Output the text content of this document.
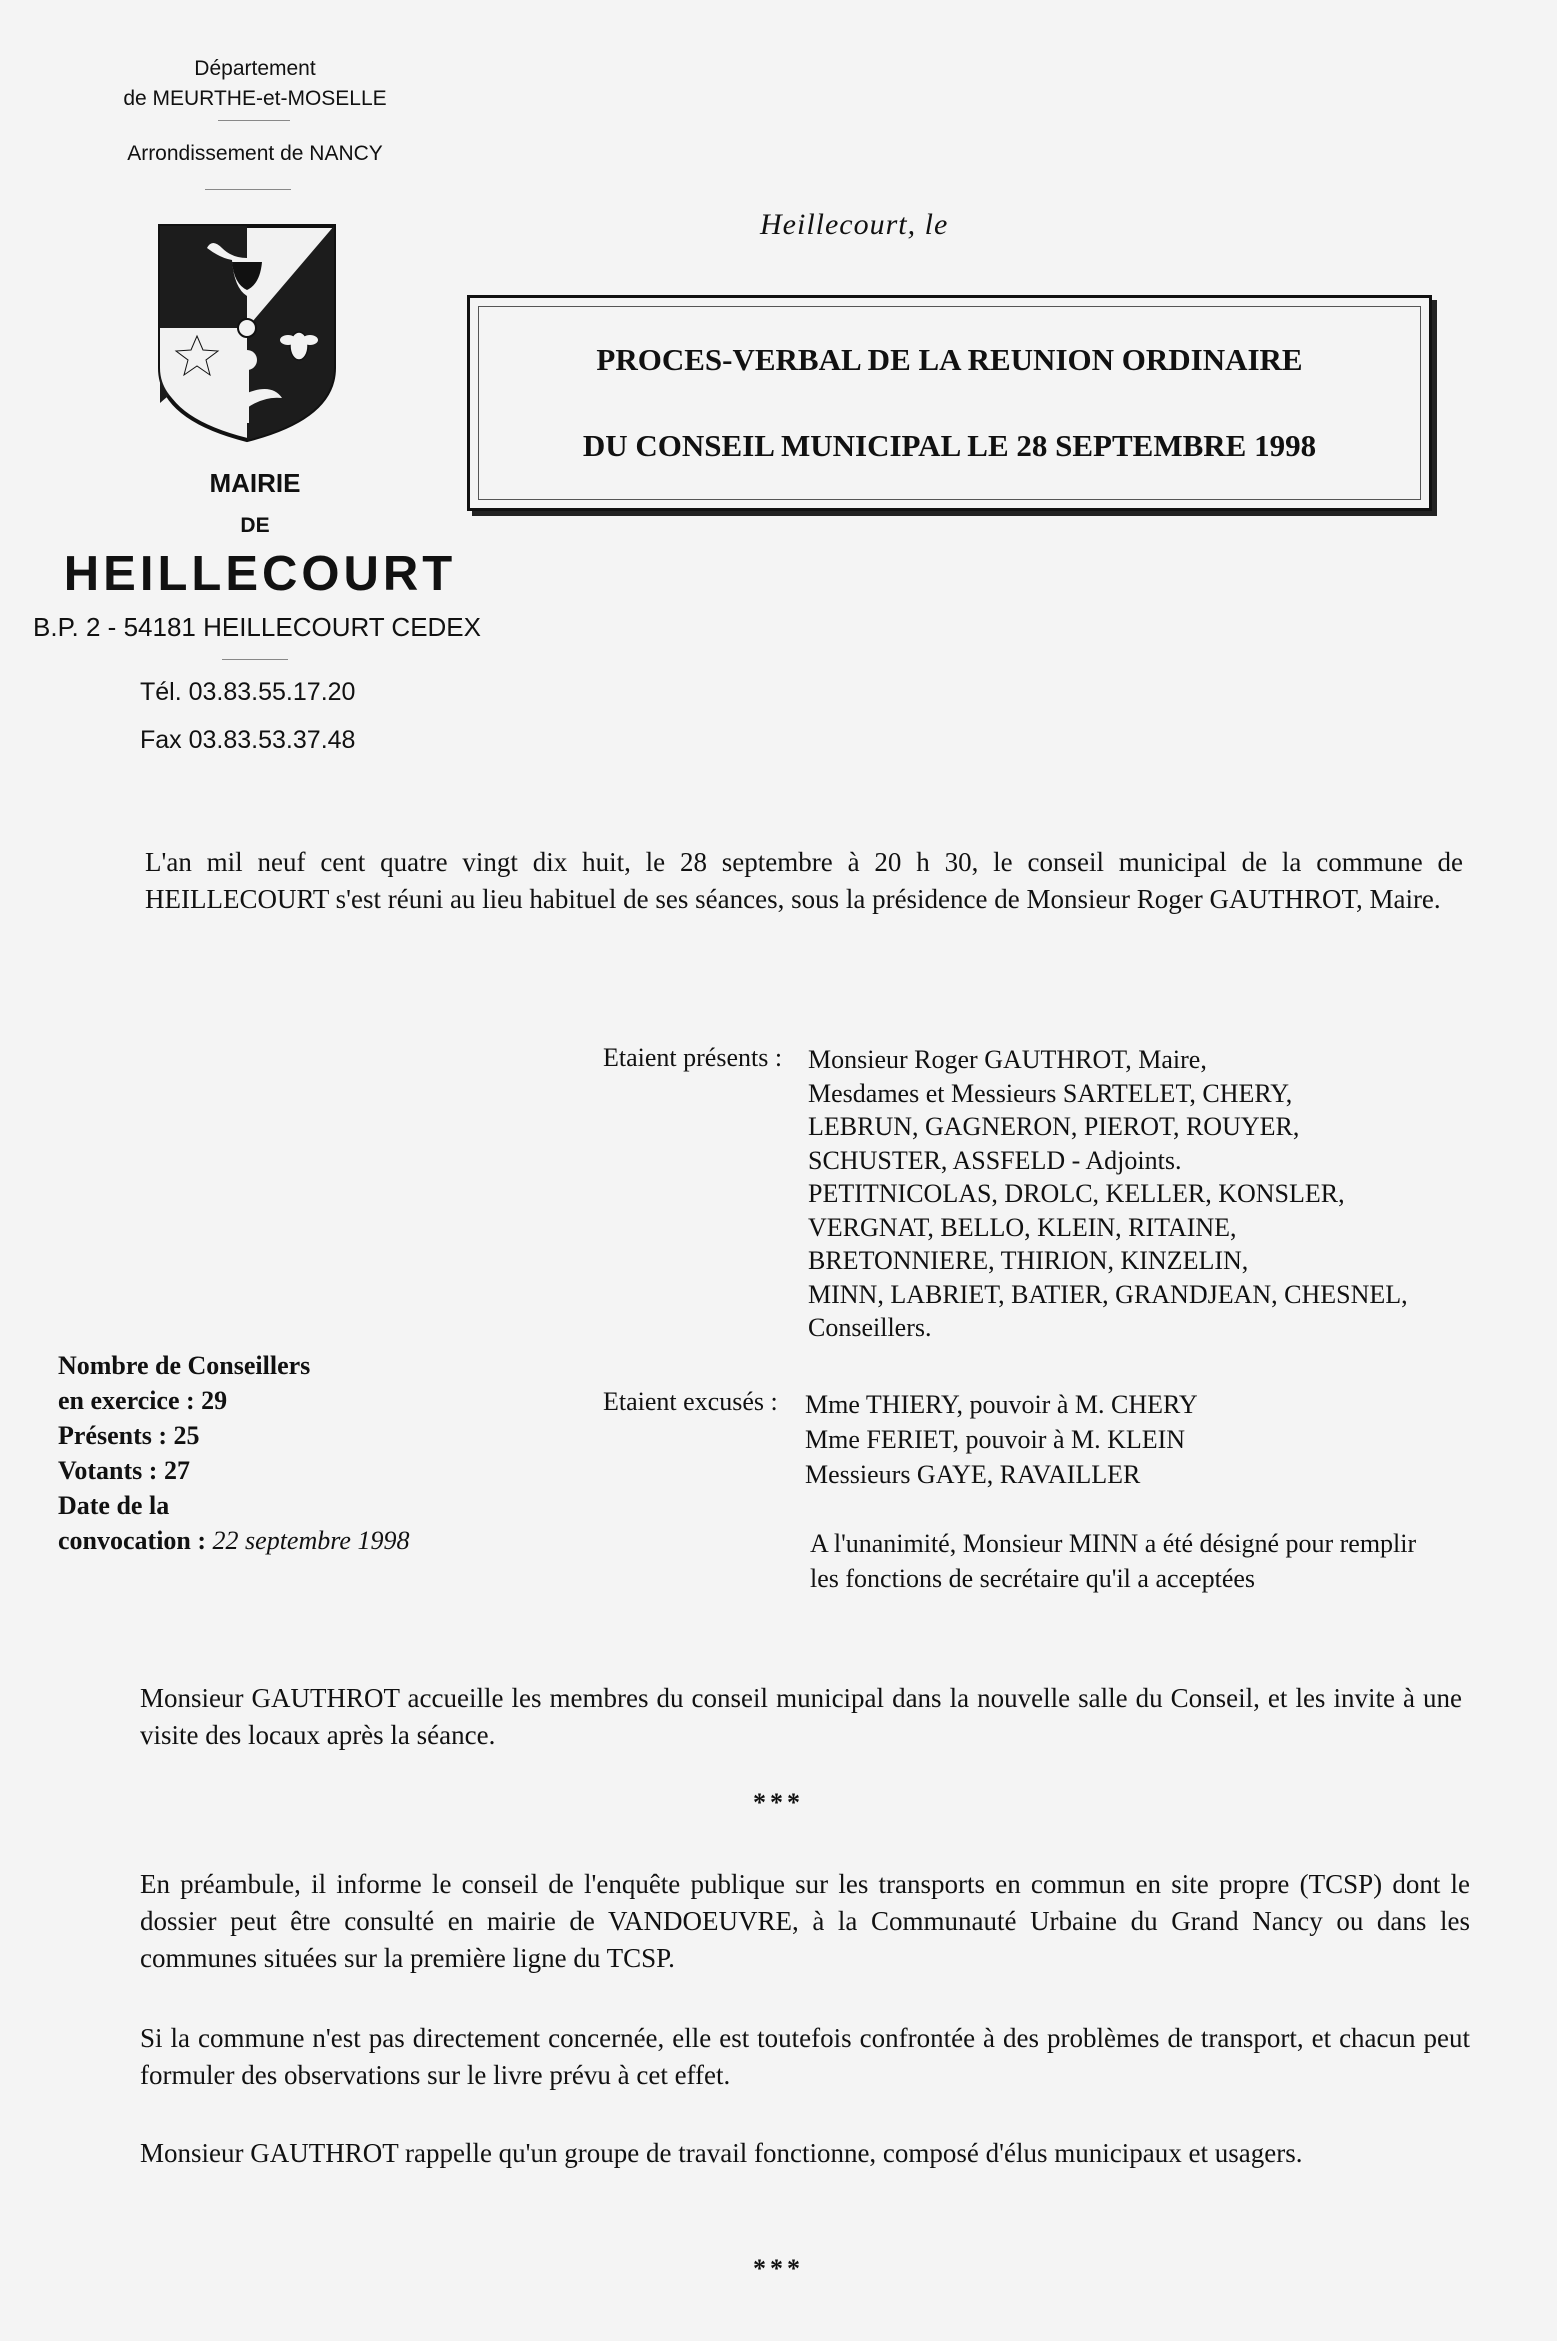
Département
de MEURTHE-et-MOSELLE
Arrondissement de NANCY
MAIRIE
DE
HEILLECOURT
B.P. 2 - 54181 HEILLECOURT CEDEX
Tél. 03.83.55.17.20
Fax 03.83.53.37.48
Heillecourt, le
PROCES-VERBAL DE LA REUNION ORDINAIRE
DU CONSEIL MUNICIPAL LE 28 SEPTEMBRE 1998
L'an mil neuf cent quatre vingt dix huit, le 28 septembre à 20 h 30, le conseil municipal de la commune de HEILLECOURT s'est réuni au lieu habituel de ses séances, sous la présidence de Monsieur Roger GAUTHROT, Maire.
Etaient présents : Monsieur Roger GAUTHROT, Maire,
Mesdames et Messieurs SARTELET, CHERY,
LEBRUN, GAGNERON, PIEROT, ROUYER,
SCHUSTER, ASSFELD - Adjoints.
PETITNICOLAS, DROLC, KELLER, KONSLER,
VERGNAT, BELLO, KLEIN, RITAINE,
BRETONNIERE, THIRION, KINZELIN,
MINN, LABRIET, BATIER, GRANDJEAN, CHESNEL,
Conseillers.
Nombre de Conseillers
en exercice : 29
Présents : 25
Votants : 27
Date de la
convocation : 22 septembre 1998
Etaient excusés : Mme THIERY, pouvoir à M. CHERY
Mme FERIET, pouvoir à M. KLEIN
Messieurs GAYE, RAVAILLER
A l'unanimité, Monsieur MINN a été désigné pour remplir
les fonctions de secrétaire qu'il a acceptées
Monsieur GAUTHROT accueille les membres du conseil municipal dans la nouvelle salle du Conseil, et les invite à une visite des locaux après la séance.
***
En préambule, il informe le conseil de l'enquête publique sur les transports en commun en site propre (TCSP) dont le dossier peut être consulté en mairie de VANDOEUVRE, à la Communauté Urbaine du Grand Nancy ou dans les communes situées sur la première ligne du TCSP.
Si la commune n'est pas directement concernée, elle est toutefois confrontée à des problèmes de transport, et chacun peut formuler des observations sur le livre prévu à cet effet.
Monsieur GAUTHROT rappelle qu'un groupe de travail fonctionne, composé d'élus municipaux et usagers.
***
